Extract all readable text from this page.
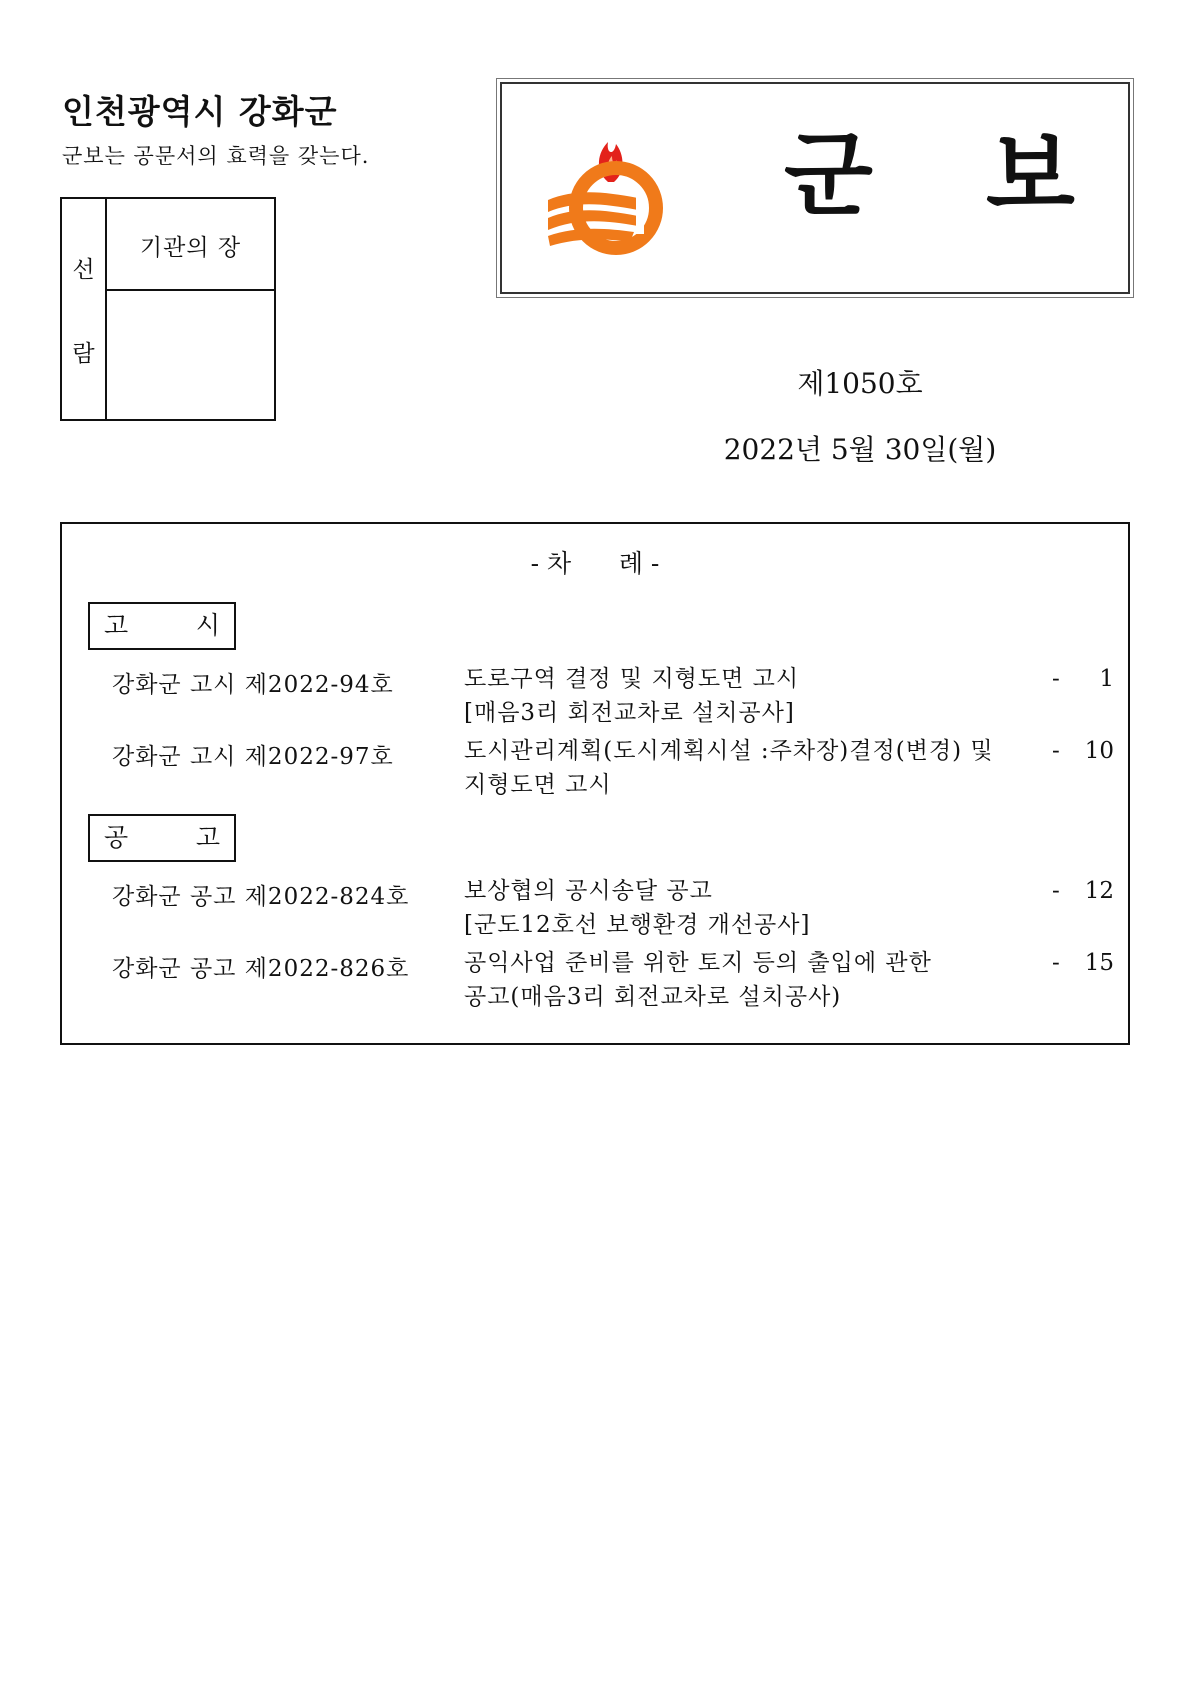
인천광역시 강화군
군보는 공문서의 효력을 갖는다.
선
람
기관의 장
군 보
제1050호
2022년 5월 30일(월)
- 차      례 -
고	시
강화군 고시 제2022-94호	도로구역 결정 및 지형도면 고시
[매음3리 회전교차로 설치공사]
- 1
강화군 고시 제2022-97호	도시관리계획(도시계획시설 :주차장)결정(변경) 및
지형도면 고시
- 10
공	고
강화군 공고 제2022-824호 보상협의 공시송달 공고
[군도12호선 보행환경 개선공사]
- 12
강화군 공고 제2022-826호 공익사업 준비를 위한 토지 등의 출입에 관한
공고(매음3리 회전교차로 설치공사)
- 15
